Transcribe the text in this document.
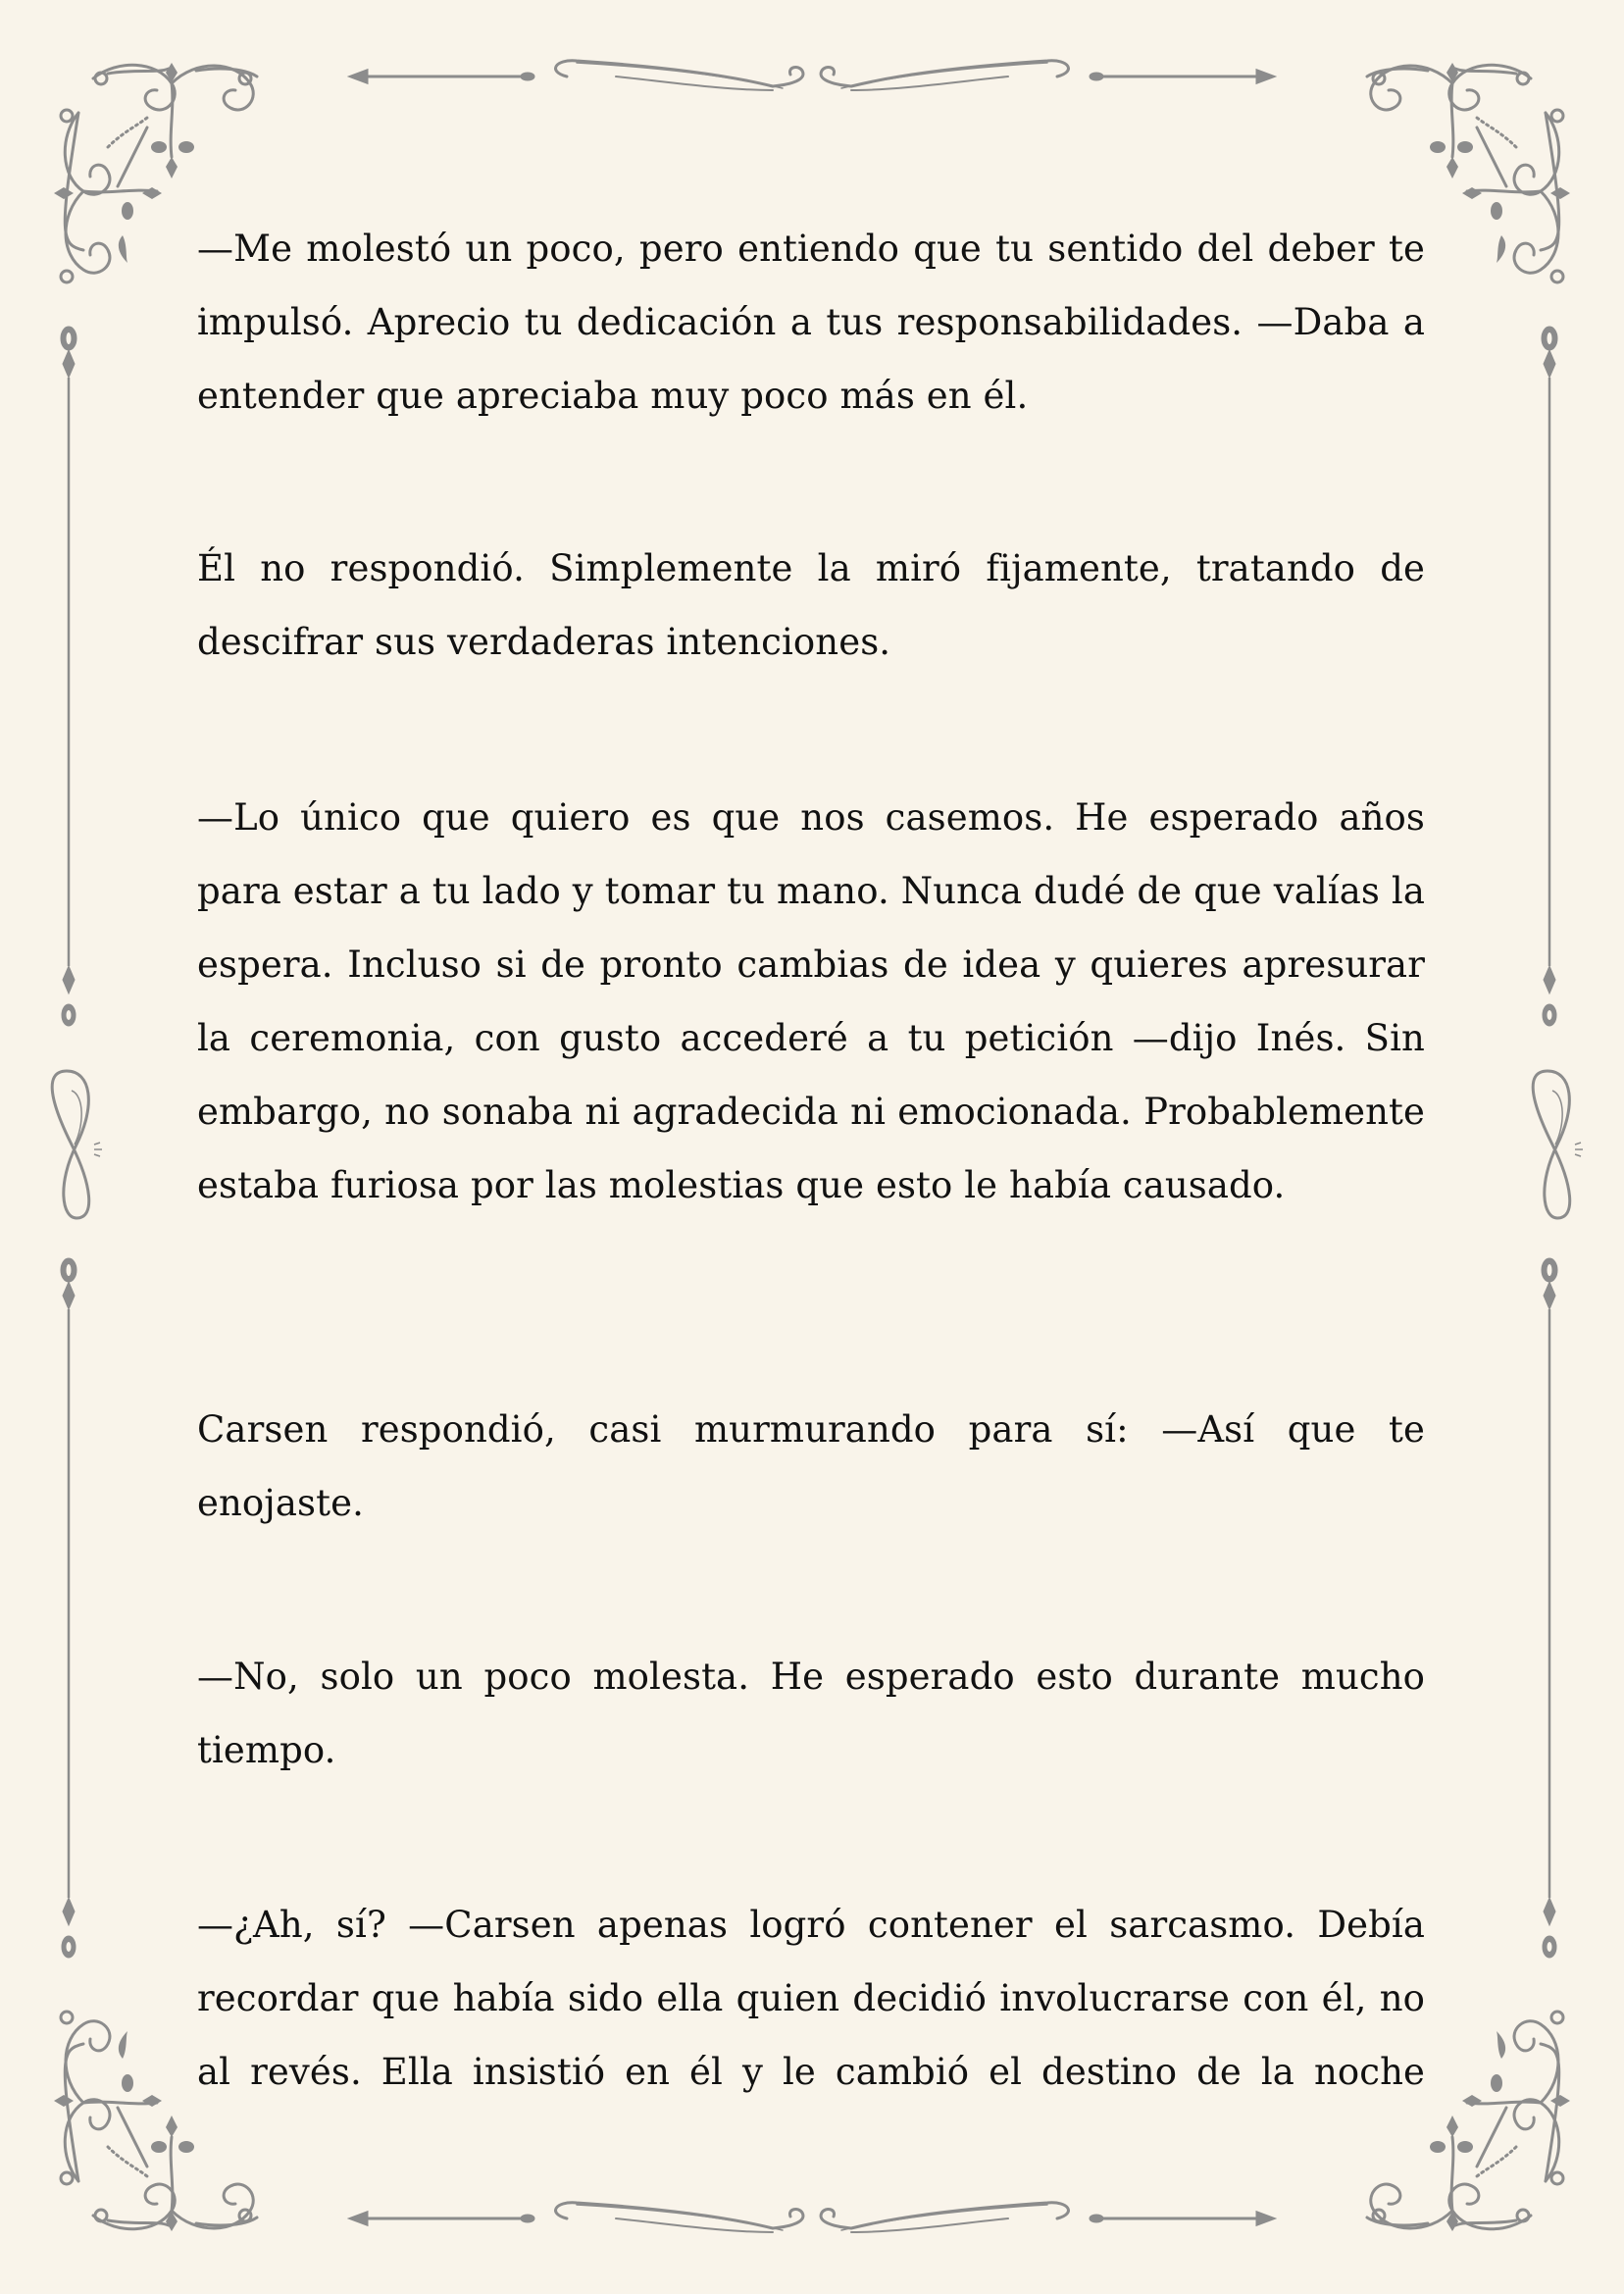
—Me molestó un poco, pero entiendo que tu sentido del deber te impulsó. Aprecio tu dedicación a tus responsabilidades. —Daba a entender que apreciaba muy poco más en él.

Él no respondió. Simplemente la miró fijamente, tratando de descifrar sus verdaderas intenciones.

—Lo único que quiero es que nos casemos. He esperado años para estar a tu lado y tomar tu mano. Nunca dudé de que valías la espera. Incluso si de pronto cambias de idea y quieres apresurar la ceremonia, con gusto accederé a tu petición —dijo Inés. Sin embargo, no sonaba ni agradecida ni emocionada. Probablemente estaba furiosa por las molestias que esto le había causado.

Carsen respondió, casi murmurando para sí: —Así que te enojaste.

—No, solo un poco molesta. He esperado esto durante mucho tiempo.

—¿Ah, sí? —Carsen apenas logró contener el sarcasmo. Debía recordar que había sido ella quien decidió involucrarse con él, no al revés. Ella insistió en él y le cambió el destino de la noche
